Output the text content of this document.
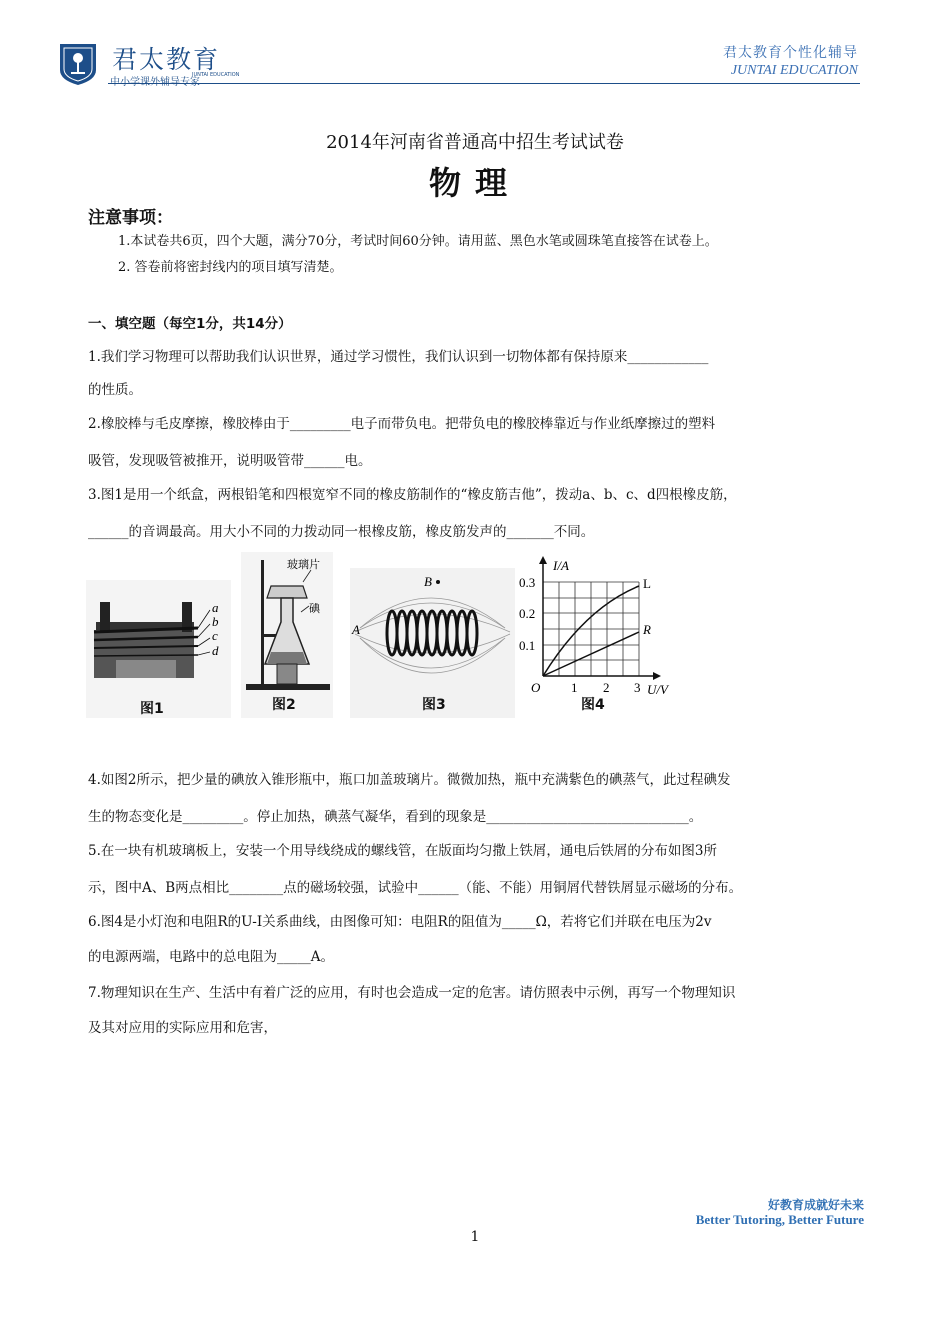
君太教育
JUNTAI EDUCATION
君太教育个性化辅导
JUNTAI EDUCATION
2014年河南省普通高中招生考试试卷
物理
注意事项：
1.本试卷共6页，四个大题，满分70分，考试时间60分钟。请用蓝、黑色水笔或圆珠笔直接答在试卷上。
2. 答卷前将密封线内的项目填写清楚。
一、填空题（每空1分，共14分）
1.我们学习物理可以帮助我们认识世界，通过学习惯性，我们认识到一切物体都有保持原来____________
的性质。
2.橡胶棒与毛皮摩擦，橡胶棒由于_________电子而带负电。把带负电的橡胶棒靠近与作业纸摩擦过的塑料
吸管，发现吸管被推开，说明吸管带______电。
3.图1是用一个纸盒，两根铅笔和四根宽窄不同的橡皮筋制作的“橡皮筋吉他”，拨动a、b、c、d四根橡皮筋，
______的音调最高。用大小不同的力拨动同一根橡皮筋，橡皮筋发声的_______不同。
a
b
c
d
图1
玻璃片
碘
图2
B
A
图3
I/A
U/V
O
0.1
0.2
0.3
1 2 3
L
R
图4
4.如图2所示，把少量的碘放入锥形瓶中，瓶口加盖玻璃片。微微加热，瓶中充满紫色的碘蒸气，此过程碘发
生的物态变化是_________。停止加热，碘蒸气凝华，看到的现象是______________________________。
5.在一块有机玻璃板上，安装一个用导线绕成的螺线管，在版面均匀撒上铁屑，通电后铁屑的分布如图3所
示，图中A、B两点相比________点的磁场较强，试验中______（能、不能）用铜屑代替铁屑显示磁场的分布。
6.图4是小灯泡和电阻R的U-I关系曲线，由图像可知：电阻R的阻值为_____Ω，若将它们并联在电压为2v
的电源两端，电路中的总电阻为_____A。
7.物理知识在生产、生活中有着广泛的应用，有时也会造成一定的危害。请仿照表中示例，再写一个物理知识
及其对应用的实际应用和危害，
好教育成就好未来
Better Tutoring, Better Future
1
